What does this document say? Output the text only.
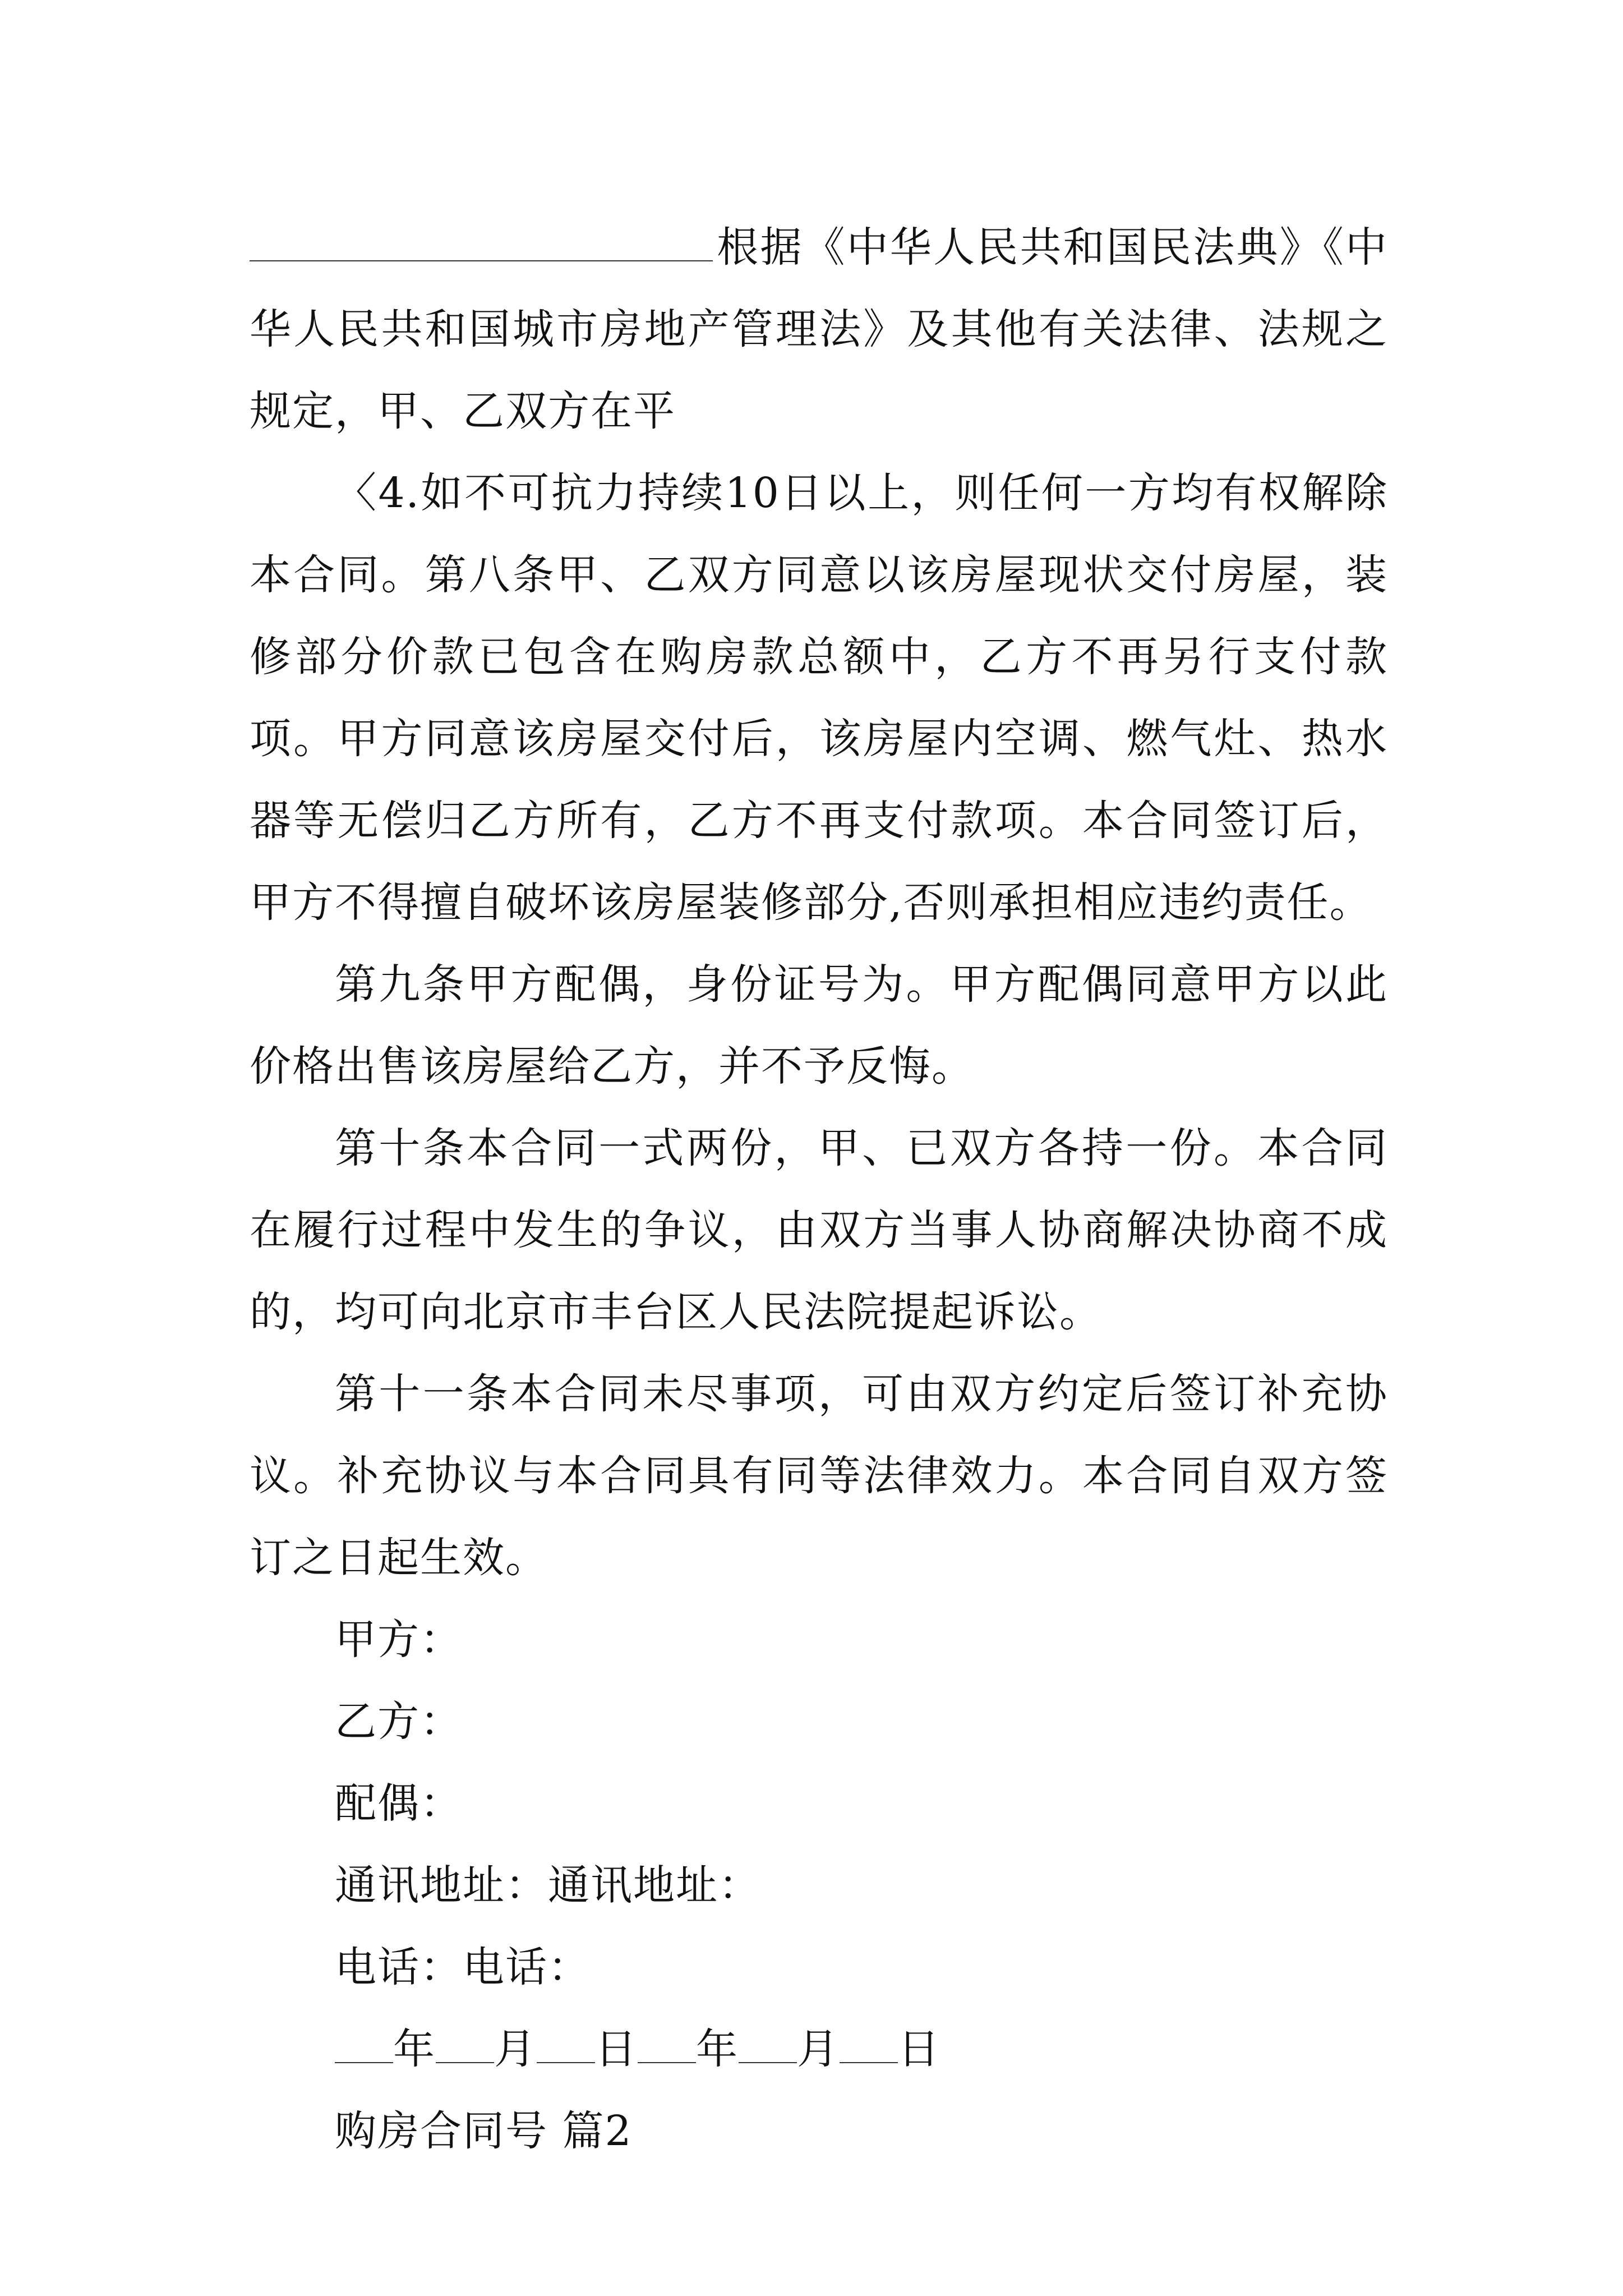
根据《中华人民共和国民法典》《中华人民共和国城市房地产管理法》及其他有关法律、法规之规定，甲、乙双方在平

〈4.如不可抗力持续10日以上，则任何一方均有权解除本合同。第八条甲、乙双方同意以该房屋现状交付房屋，装修部分价款已包含在购房款总额中，乙方不再另行支付款项。甲方同意该房屋交付后，该房屋内空调、燃气灶、热水器等无偿归乙方所有，乙方不再支付款项。本合同签订后，甲方不得擅自破坏该房屋装修部分,否则承担相应违约责任。

第九条甲方配偶，身份证号为。甲方配偶同意甲方以此价格出售该房屋给乙方，并不予反悔。

第十条本合同一式两份，甲、已双方各持一份。本合同在履行过程中发生的争议，由双方当事人协商解决协商不成的，均可向北京市丰台区人民法院提起诉讼。

第十一条本合同未尽事项，可由双方约定后签订补充协议。补充协议与本合同具有同等法律效力。本合同自双方签订之日起生效。

甲方：

乙方：

配偶：

通讯地址：通讯地址：

电话：电话：

年 月 日 年 月 日

购房合同号 篇2
